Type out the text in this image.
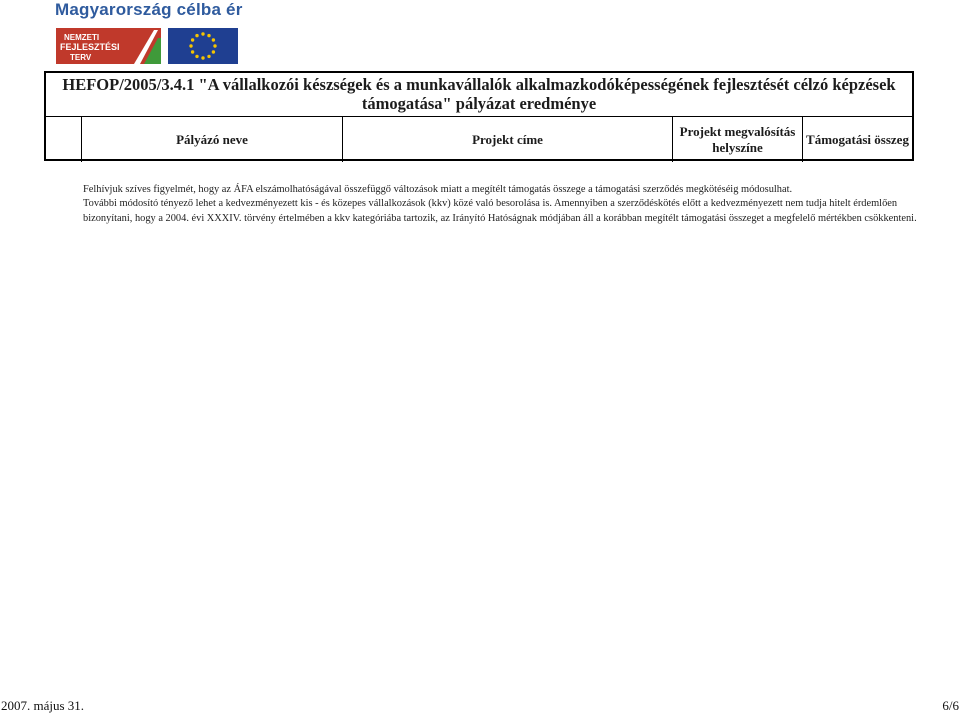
Magyarország célba ér
NEMZETI
FEJLESZTÉSI
TERV
HEFOP/2005/3.4.1 "A vállalkozói készségek és a munkavállalók alkalmazkodóképességének fejlesztését célzó képzések
támogatása" pályázat eredménye
Pályázó neve	Projekt címe
Projekt megvalósítás
helyszíne
Támogatási összeg

Felhívjuk szíves figyelmét, hogy az ÁFA elszámolhatóságával összefüggő változások miatt a megítélt támogatás összege a támogatási szerződés megkötéséig módosulhat.

További módosító tényező lehet a kedvezményezett kis - és közepes vállalkozások (kkv) közé való besorolása is. Amennyiben a szerződéskötés előtt a kedvezményezett nem tudja hitelt érdemlően bizonyítani, hogy a 2004. évi XXXIV. törvény értelmében a kkv kategóriába tartozik, az Irányító Hatóságnak módjában áll a korábban megítélt támogatási összeget a megfelelő mértékben csökkenteni.

2007. május 31.	6/6
